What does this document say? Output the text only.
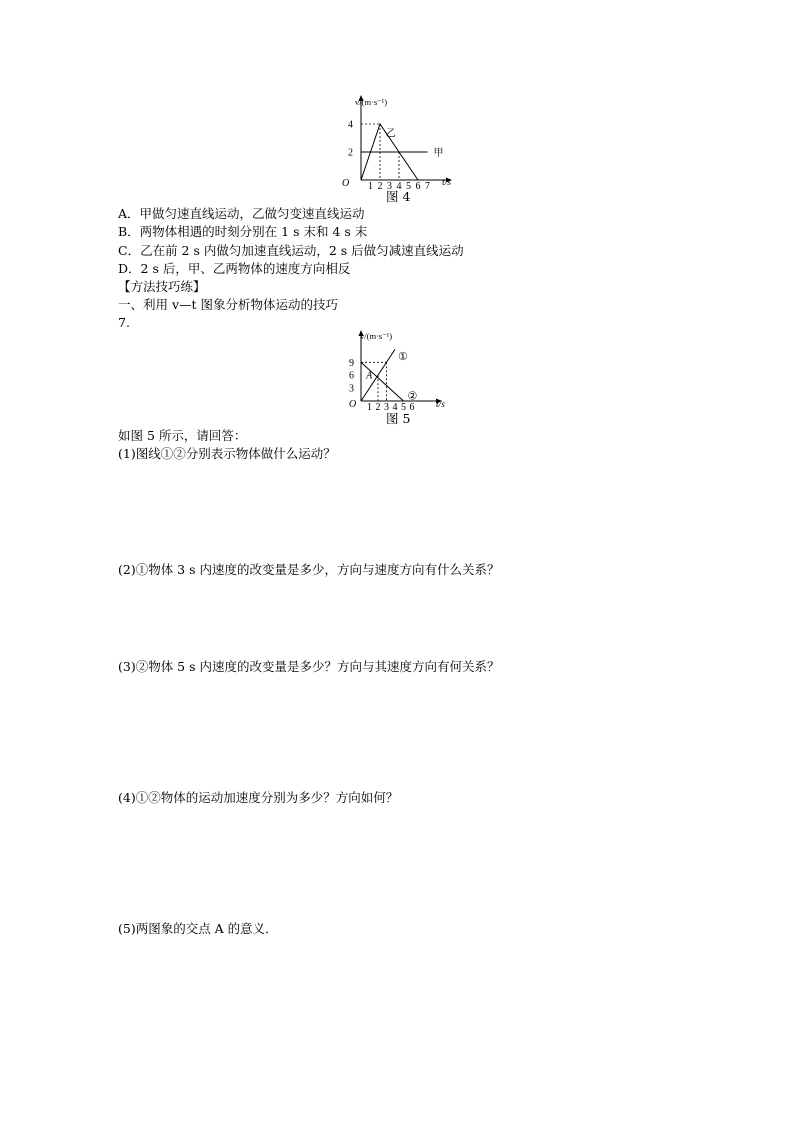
v/(m·s⁻¹)
t/s
O
2
4
1 2 3 4 5 6 7
甲
乙
图 4
A．甲做匀速直线运动，乙做匀变速直线运动
B．两物体相遇的时刻分别在 1 s 末和 4 s 末
C．乙在前 2 s 内做匀加速直线运动，2 s 后做匀减速直线运动
D．2 s 后，甲、乙两物体的速度方向相反
【方法技巧练】
一、利用 v—t 图象分析物体运动的技巧
7.
v/(m·s⁻¹)
t/s
O
3
6
9
1 2 3 4 5 6
①
②
A
图 5
如图 5 所示，请回答：
(1)图线①②分别表示物体做什么运动？
(2)①物体 3 s 内速度的改变量是多少，方向与速度方向有什么关系？
(3)②物体 5 s 内速度的改变量是多少？方向与其速度方向有何关系？
(4)①②物体的运动加速度分别为多少？方向如何？
(5)两图象的交点 A 的意义．
